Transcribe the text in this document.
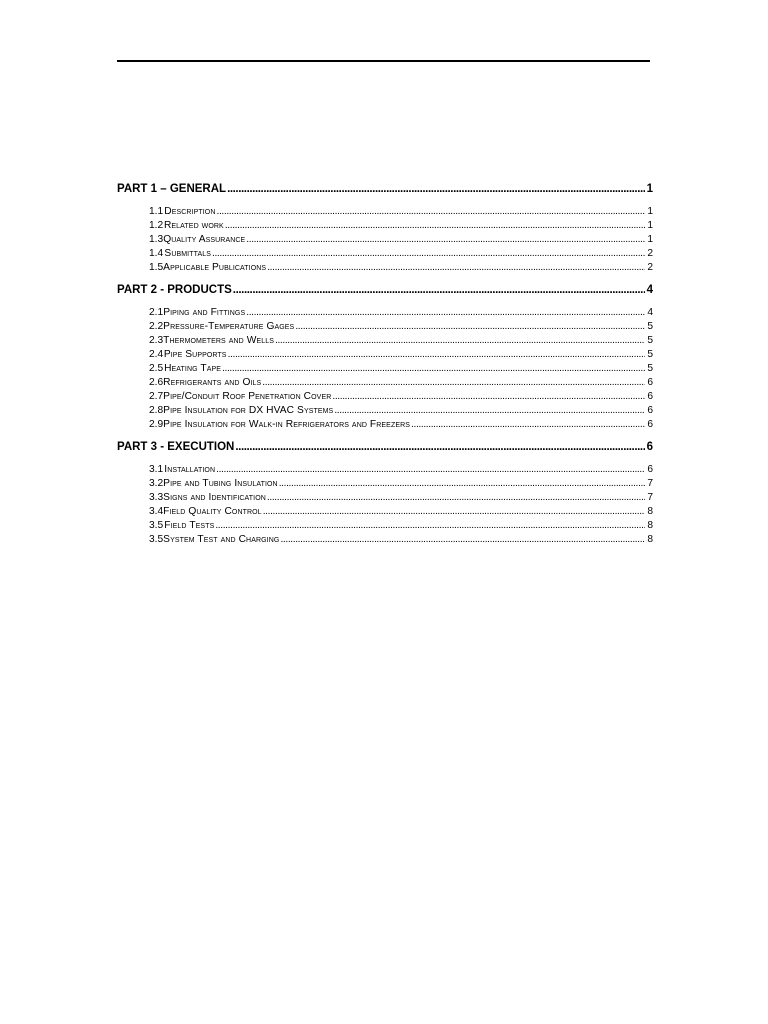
PART 1 – GENERAL . . .	1
1.1 Description . . .	1
1.2 Related work . . .	1
1.3 Quality Assurance . . .	1
1.4 Submittals . . .	2
1.5 Applicable Publications . . .	2
PART 2 - PRODUCTS . . .	4
2.1 Piping and Fittings . . .	4
2.2 Pressure-Temperature Gages . . .	5
2.3 Thermometers and Wells . . .	5
2.4 Pipe Supports . . .	5
2.5 Heating Tape . . .	5
2.6 Refrigerants and Oils . . .	6
2.7 Pipe/Conduit Roof Penetration Cover . . .	6
2.8 Pipe Insulation for DX HVAC Systems . . .	6
2.9 Pipe Insulation for Walk-in Refrigerators and Freezers . . .	6
PART 3 - EXECUTION . . .	6
3.1 Installation . . .	6
3.2 Pipe and Tubing Insulation . . .	7
3.3 Signs and Identification . . .	7
3.4 Field Quality Control . . .	8
3.5 Field Tests . . .	8
3.5 System Test and Charging . . .	8
